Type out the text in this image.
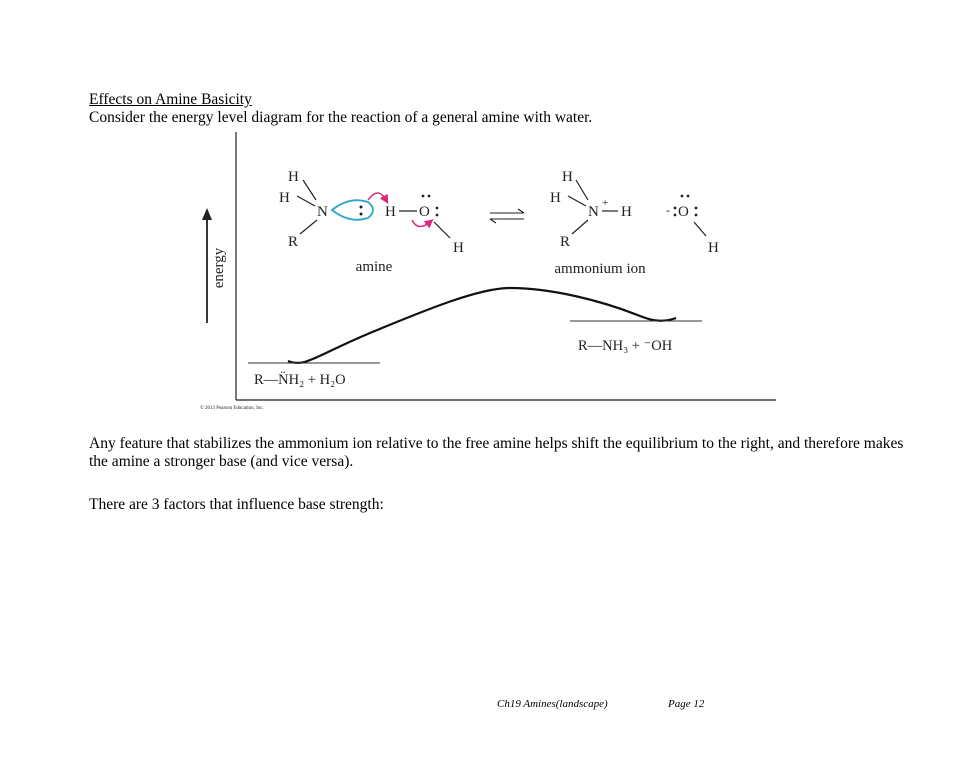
Effects on Amine Basicity
Consider the energy level diagram for the reaction of a general amine with water.
energy
H
H
N
R
H O
H
H
H
N
+
H
R
- O
H
amine	ammonium ion
R—N̈H₂ + H₂O
R—NH₃ + ⁻OH
© 2013 Pearson Education, Inc.
Any feature that stabilizes the ammonium ion relative to the free amine helps shift the equilibrium to the right, and therefore makes the amine a stronger base (and vice versa).
There are 3 factors that influence base strength:
Ch19 Amines(landscape)	Page 12
